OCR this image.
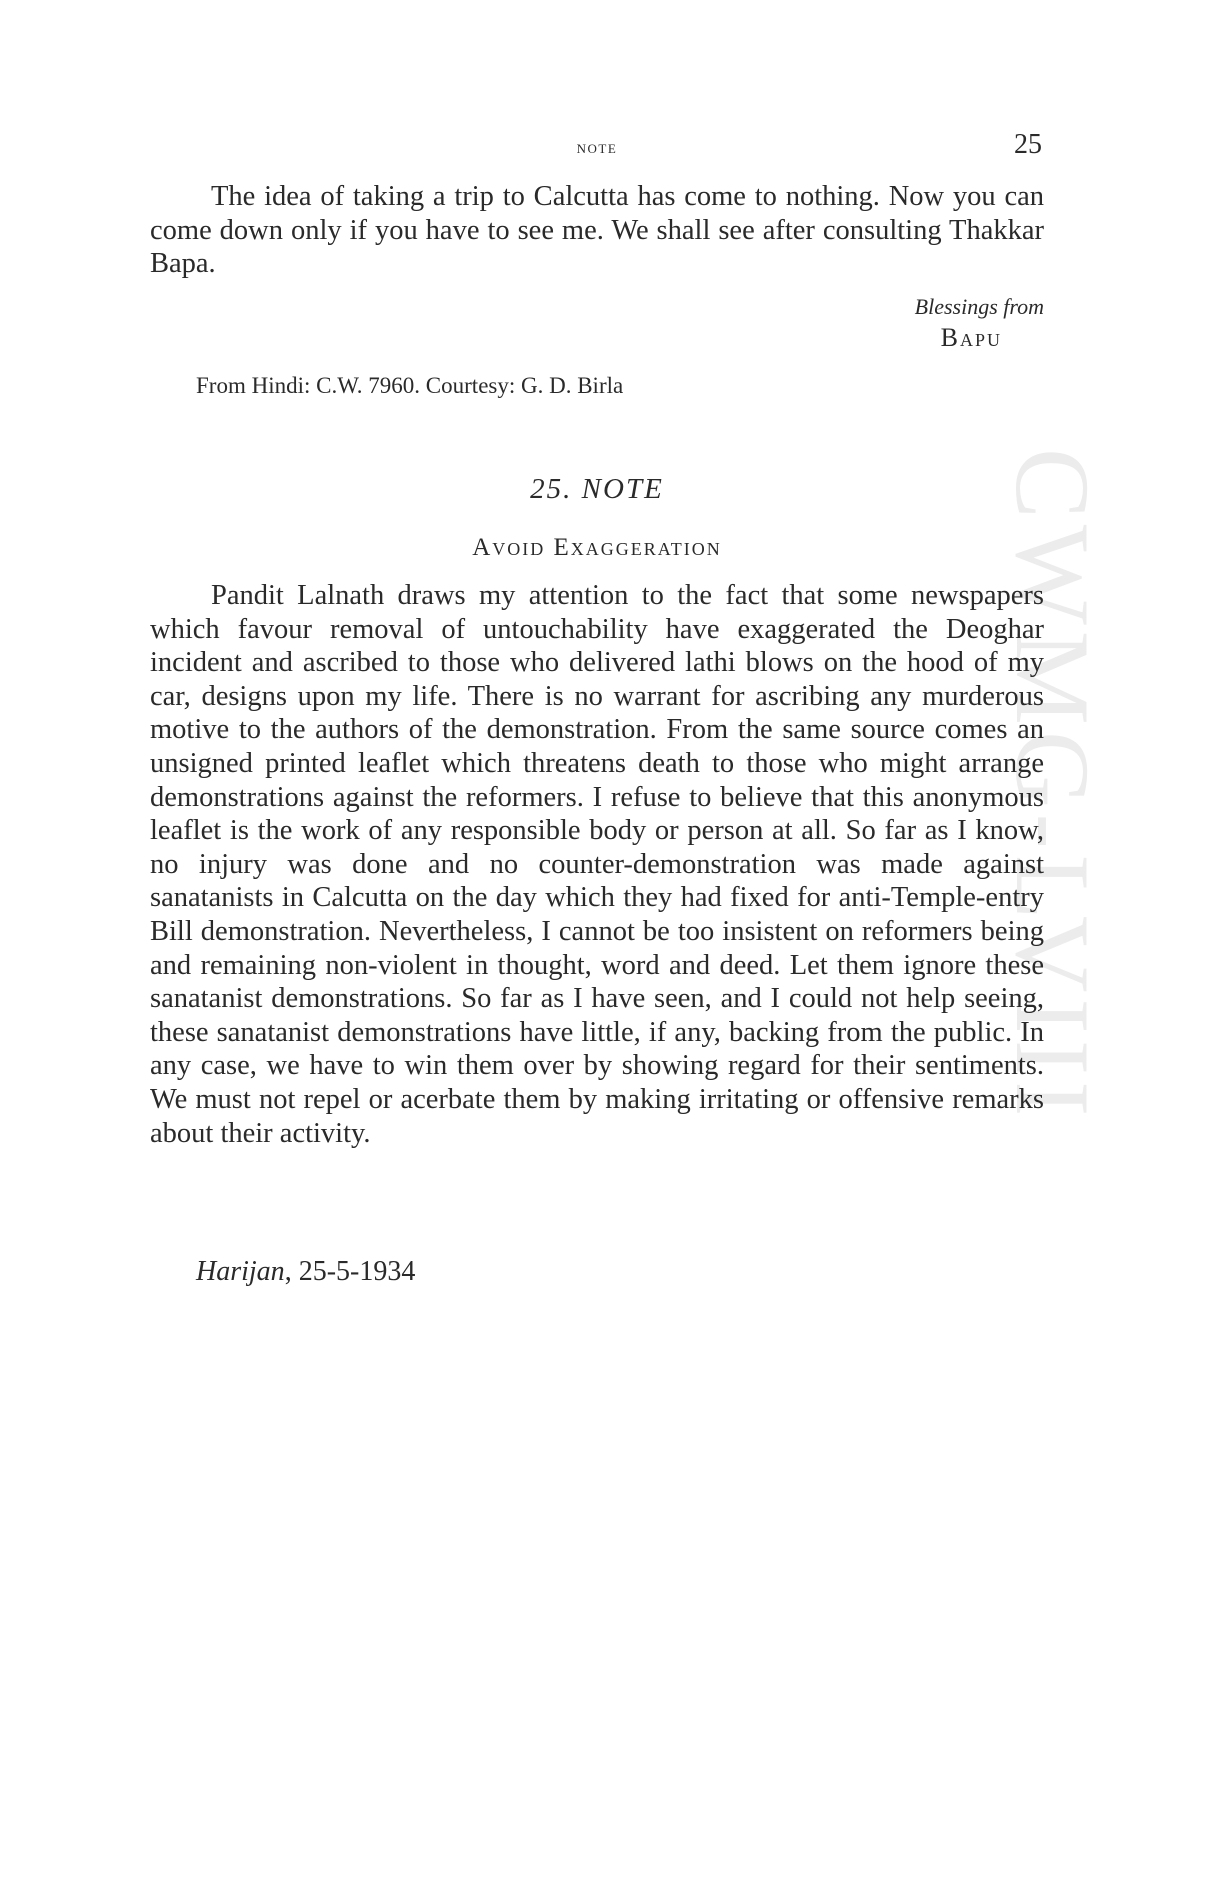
CWMG-LVIII
note	25

The idea of taking a trip to Calcutta has come to nothing. Now you can come down only if you have to see me. We shall see after consulting Thakkar Bapa.

Blessings from
Bapu
From Hindi: C.W. 7960. Courtesy: G. D. Birla
25. NOTE
Avoid Exaggeration

Pandit Lalnath draws my attention to the fact that some newspapers which favour removal of untouchability have exaggerated the Deoghar incident and ascribed to those who delivered lathi blows on the hood of my car, designs upon my life. There is no warrant for ascribing any murderous motive to the authors of the demonstration. From the same source comes an unsigned printed leaflet which threatens death to those who might arrange demonstrations against the reformers. I refuse to believe that this anonymous leaflet is the work of any responsible body or person at all. So far as I know, no injury was done and no counter-demonstration was made against sanatanists in Calcutta on the day which they had fixed for anti-Temple-entry Bill demonstration. Nevertheless, I cannot be too insistent on reformers being and remaining non-violent in thought, word and deed. Let them ignore these sanatanist demonstrations. So far as I have seen, and I could not help seeing, these sanatanist demonstrations have little, if any, backing from the public. In any case, we have to win them over by showing regard for their sentiments. We must not repel or acerbate them by making irritating or offensive remarks about their activity.

Harijan, 25-5-1934
